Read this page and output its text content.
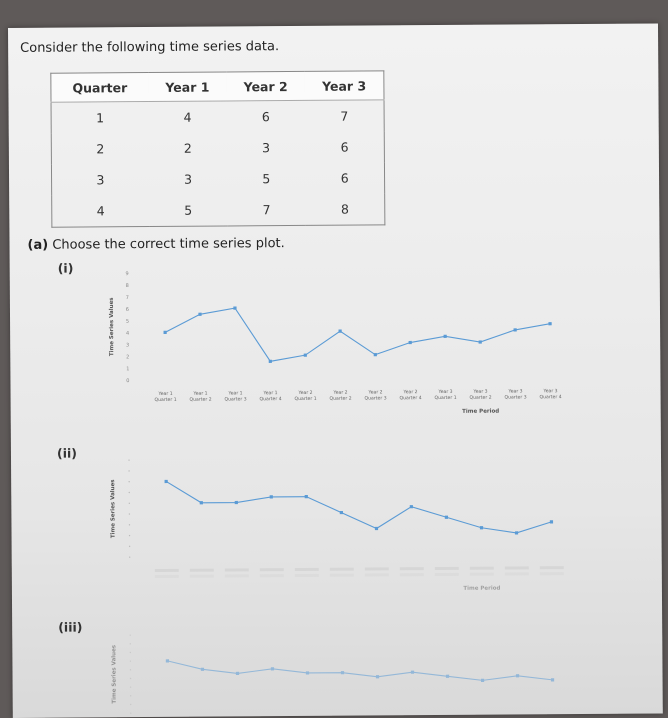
Consider the following time series data.
Quarter	Year 1	Year 2	Year 3
1	4	6	7
2	2	3	6
3	3	5	6
4	5	7	8
(a) Choose the correct time series plot.
(i)
0
1
2
3
4
5
6
7
8
9
Time Series Values
Year 1
Quarter 1
Year 1
Quarter 2
Year 1
Quarter 3
Year 1
Quarter 4
Year 2
Quarter 1
Year 2
Quarter 2
Year 2
Quarter 3
Year 2
Quarter 4
Year 3
Quarter 1
Year 3
Quarter 2
Year 3
Quarter 3
Year 3
Quarter 4
Time Period
(ii)
Time Series Values
Time Period
(iii)
Time Series Values
